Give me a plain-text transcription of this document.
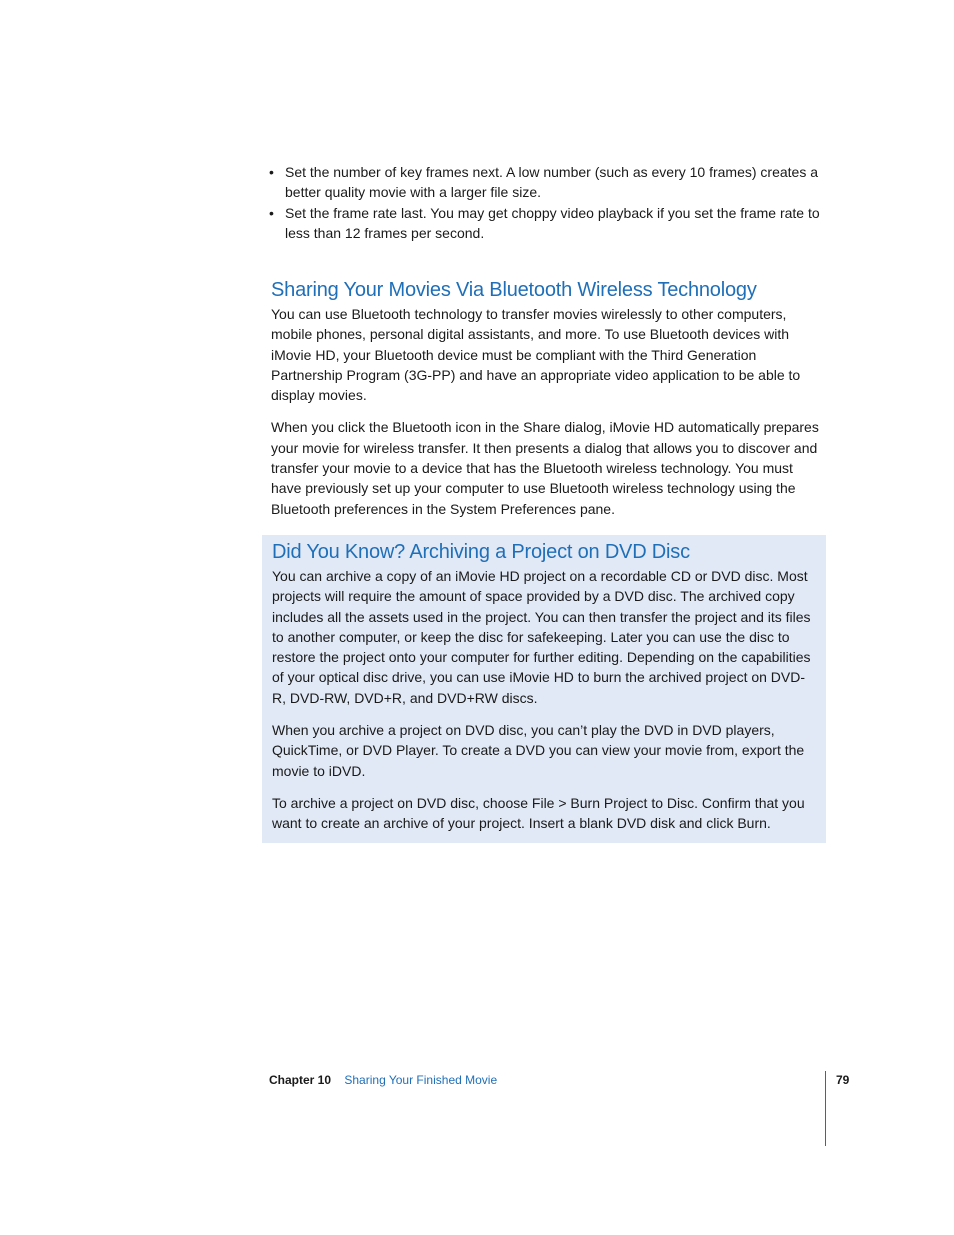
• Set the number of key frames next. A low number (such as every 10 frames) creates a better quality movie with a larger file size.
• Set the frame rate last. You may get choppy video playback if you set the frame rate to less than 12 frames per second.
Sharing Your Movies Via Bluetooth Wireless Technology

You can use Bluetooth technology to transfer movies wirelessly to other computers, mobile phones, personal digital assistants, and more. To use Bluetooth devices with iMovie HD, your Bluetooth device must be compliant with the Third Generation Partnership Program (3G-PP) and have an appropriate video application to be able to display movies.

When you click the Bluetooth icon in the Share dialog, iMovie HD automatically prepares your movie for wireless transfer. It then presents a dialog that allows you to discover and transfer your movie to a device that has the Bluetooth wireless technology. You must have previously set up your computer to use Bluetooth wireless technology using the Bluetooth preferences in the System Preferences pane.

Did You Know? Archiving a Project on DVD Disc

You can archive a copy of an iMovie HD project on a recordable CD or DVD disc. Most projects will require the amount of space provided by a DVD disc. The archived copy includes all the assets used in the project. You can then transfer the project and its files to another computer, or keep the disc for safekeeping. Later you can use the disc to restore the project onto your computer for further editing. Depending on the capabilities of your optical disc drive, you can use iMovie HD to burn the archived project on DVD-R, DVD-RW, DVD+R, and DVD+RW discs.

When you archive a project on DVD disc, you can’t play the DVD in DVD players, QuickTime, or DVD Player. To create a DVD you can view your movie from, export the movie to iDVD.

To archive a project on DVD disc, choose File > Burn Project to Disc. Confirm that you want to create an archive of your project. Insert a blank DVD disk and click Burn.

Chapter 10 Sharing Your Finished Movie	79
